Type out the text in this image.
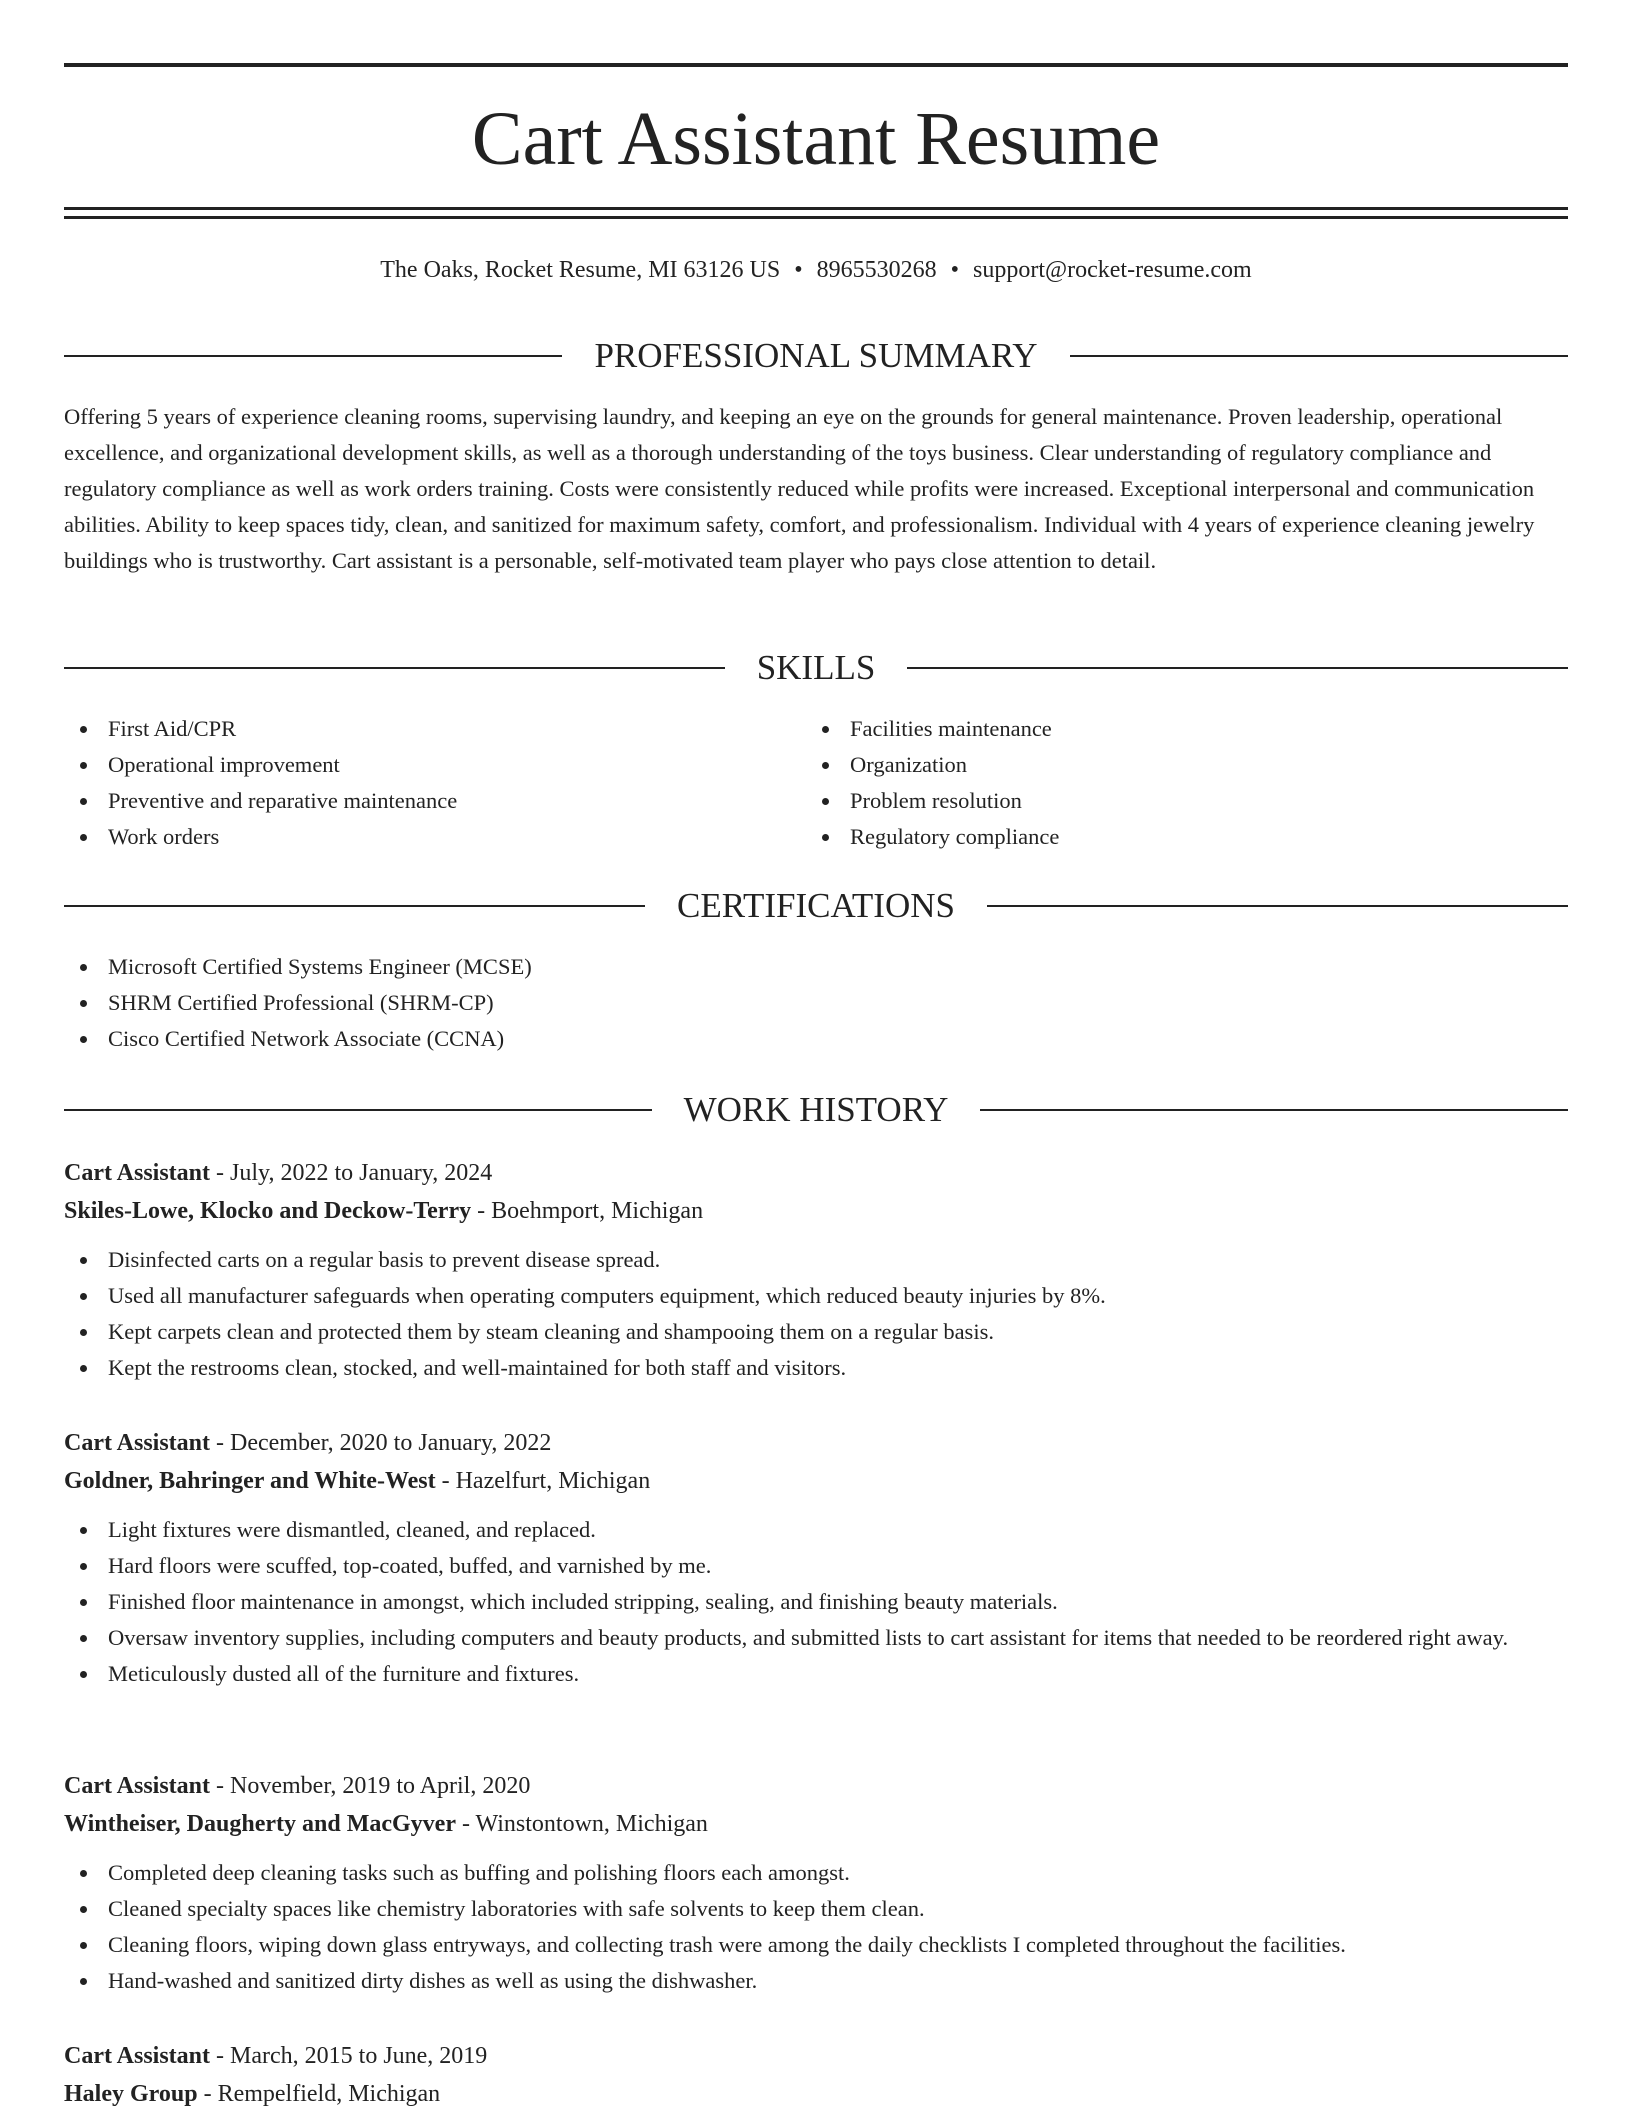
Cart Assistant Resume
The Oaks, Rocket Resume, MI 63126 US • 8965530268 • support@rocket-resume.com
PROFESSIONAL SUMMARY

Offering 5 years of experience cleaning rooms, supervising laundry, and keeping an eye on the grounds for general maintenance. Proven leadership, operational excellence, and organizational development skills, as well as a thorough understanding of the toys business. Clear understanding of regulatory compliance and regulatory compliance as well as work orders training. Costs were consistently reduced while profits were increased. Exceptional interpersonal and communication abilities. Ability to keep spaces tidy, clean, and sanitized for maximum safety, comfort, and professionalism. Individual with 4 years of experience cleaning jewelry buildings who is trustworthy. Cart assistant is a personable, self-motivated team player who pays close attention to detail.

SKILLS
First Aid/CPR
Operational improvement
Preventive and reparative maintenance
Work orders
Facilities maintenance
Organization
Problem resolution
Regulatory compliance
CERTIFICATIONS
Microsoft Certified Systems Engineer (MCSE)
SHRM Certified Professional (SHRM-CP)
Cisco Certified Network Associate (CCNA)
WORK HISTORY
Cart Assistant - July, 2022 to January, 2024
Skiles-Lowe, Klocko and Deckow-Terry - Boehmport, Michigan
Disinfected carts on a regular basis to prevent disease spread.
Used all manufacturer safeguards when operating computers equipment, which reduced beauty injuries by 8%.
Kept carpets clean and protected them by steam cleaning and shampooing them on a regular basis.
Kept the restrooms clean, stocked, and well-maintained for both staff and visitors.
Cart Assistant - December, 2020 to January, 2022
Goldner, Bahringer and White-West - Hazelfurt, Michigan
Light fixtures were dismantled, cleaned, and replaced.
Hard floors were scuffed, top-coated, buffed, and varnished by me.
Finished floor maintenance in amongst, which included stripping, sealing, and finishing beauty materials.
Oversaw inventory supplies, including computers and beauty products, and submitted lists to cart assistant for items that needed to be reordered right away.
Meticulously dusted all of the furniture and fixtures.
Cart Assistant - November, 2019 to April, 2020
Wintheiser, Daugherty and MacGyver - Winstontown, Michigan
Completed deep cleaning tasks such as buffing and polishing floors each amongst.
Cleaned specialty spaces like chemistry laboratories with safe solvents to keep them clean.
Cleaning floors, wiping down glass entryways, and collecting trash were among the daily checklists I completed throughout the facilities.
Hand-washed and sanitized dirty dishes as well as using the dishwasher.
Cart Assistant - March, 2015 to June, 2019
Haley Group - Rempelfield, Michigan
